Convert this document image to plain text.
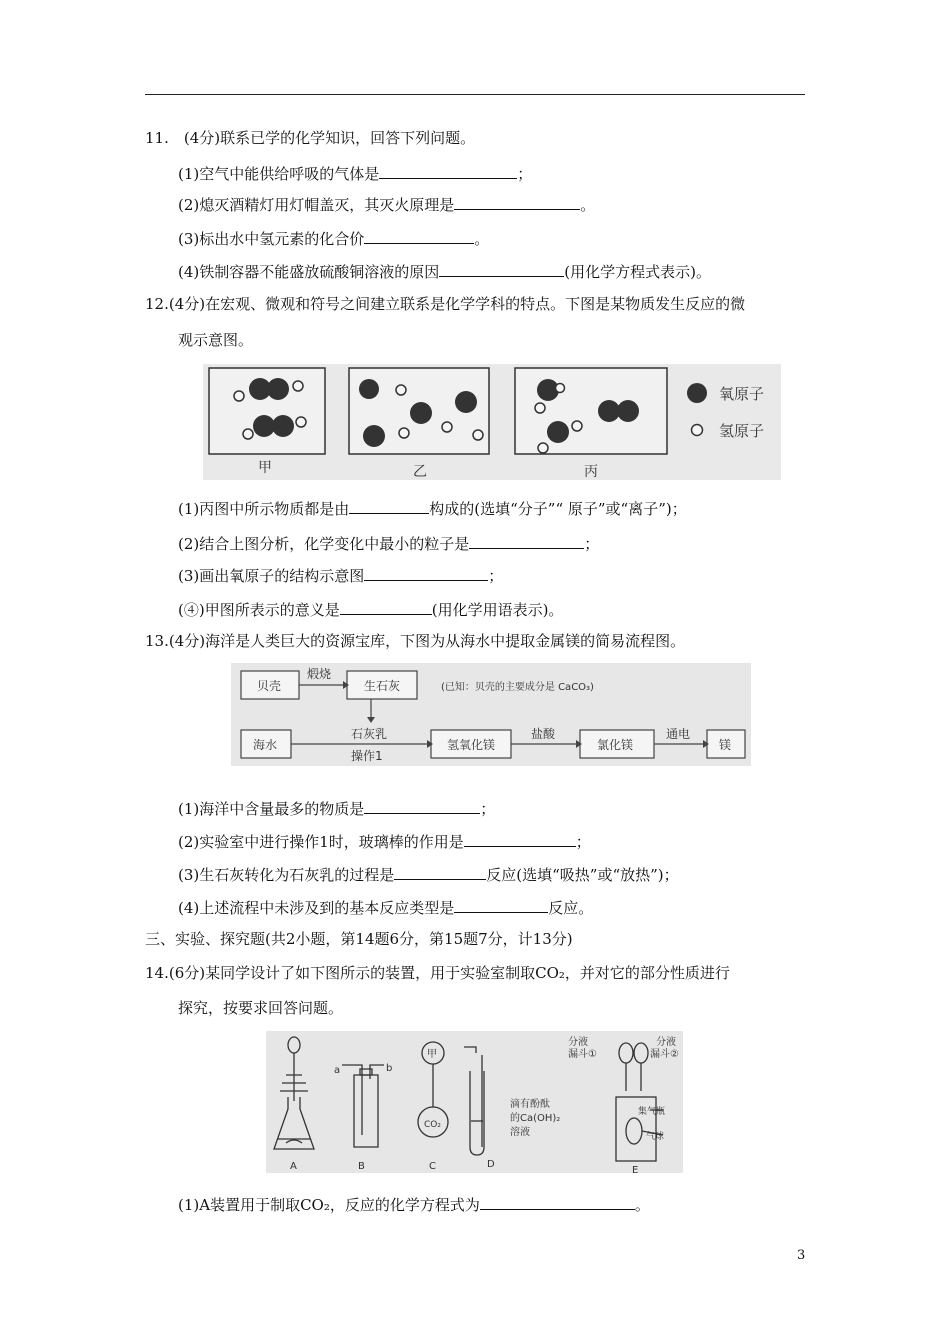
11.　(4分)联系已学的化学知识，回答下列问题。
(1)空气中能供给呼吸的气体是	；
(2)熄灭酒精灯用灯帽盖灭，其灭火原理是	。
(3)标出水中氢元素的化合价	。
(4)铁制容器不能盛放硫酸铜溶液的原因	(用化学方程式表示)。
12.(4分)在宏观、微观和符号之间建立联系是化学学科的特点。下图是某物质发生反应的微
观示意图。
氧原子
氢原子
甲	乙	丙
(1)丙图中所示物质都是由	构成的(选填“分子”“ 原子”或“离子”)；
(2)结合上图分析，化学变化中最小的粒子是	；
(3)画出氧原子的结构示意图	；
(④)甲图所表示的意义是	(用化学用语表示)。
13.(4分)海洋是人类巨大的资源宝库，下图为从海水中提取金属镁的简易流程图。
贝壳
煅烧
生石灰	(已知：贝壳的主要成分是 CaCO₃)
海水
石灰乳
操作1
氢氧化镁
盐酸
氯化镁
通电
镁
(1)海洋中含量最多的物质是	；
(2)实验室中进行操作1时，玻璃棒的作用是	；
(3)生石灰转化为石灰乳的过程是	反应(选填“吸热”或“放热”)；
(4)上述流程中未涉及到的基本反应类型是	反应。
三、实验、探究题(共2小题，第14题6分，第15题7分，计13分)
14.(6分)某同学设计了如下图所示的装置，用于实验室制取CO₂，并对它的部分性质进行
探究，按要求回答问题。
A	B	C	D
E
a	b
甲
CO₂
滴有酚酞
的Ca(OH)₂
溶液
分液
漏斗①
分液
漏斗②
集气瓶
气球
(1)A装置用于制取CO₂，反应的化学方程式为	。
3
